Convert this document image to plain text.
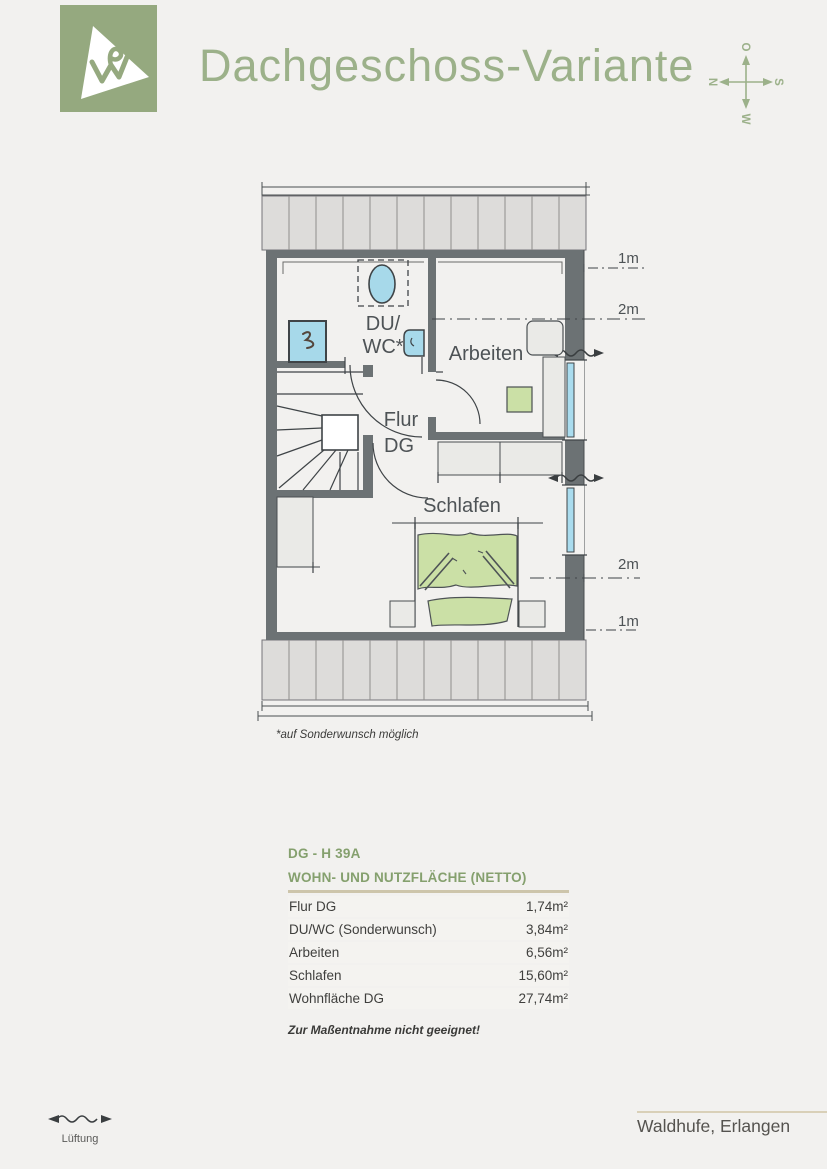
Dachgeschoss-Variante	O
W
N	S
1m
2m
2m
1m
DU/
WC* Arbeiten
Flur
DG
Schlafen
*auf Sonderwunsch möglich
DG - H 39A
WOHN- UND NUTZFLÄCHE (NETTO)
Flur DG	1,74m²
DU/WC (Sonderwunsch)	3,84m²
Arbeiten	6,56m²
Schlafen	15,60m²
Wohnfläche DG	27,74m²
Zur Maßentnahme nicht geeignet!
Lüftung
Waldhufe, Erlangen
